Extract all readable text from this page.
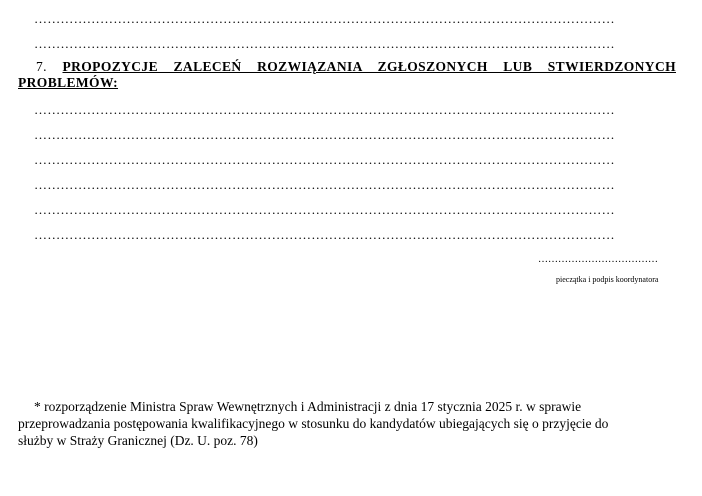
……………………………………………………………………………………………………………………
……………………………………………………………………………………………………………………
7. PROPOZYCJE ZALECEŃ ROZWIĄZANIA ZGŁOSZONYCH LUB STWIERDZONYCH PROBLEMÓW:
……………………………………………………………………………………………………………………
……………………………………………………………………………………………………………………
……………………………………………………………………………………………………………………
……………………………………………………………………………………………………………………
……………………………………………………………………………………………………………………
……………………………………………………………………………………………………………………
………………………………
pieczątka i podpis koordynatora

* rozporządzenie Ministra Spraw Wewnętrznych i Administracji z dnia 17 stycznia 2025 r. w sprawie

przeprowadzania postępowania kwalifikacyjnego w stosunku do kandydatów ubiegających się o przyjęcie do

służby w Straży Granicznej (Dz. U. poz. 78)
